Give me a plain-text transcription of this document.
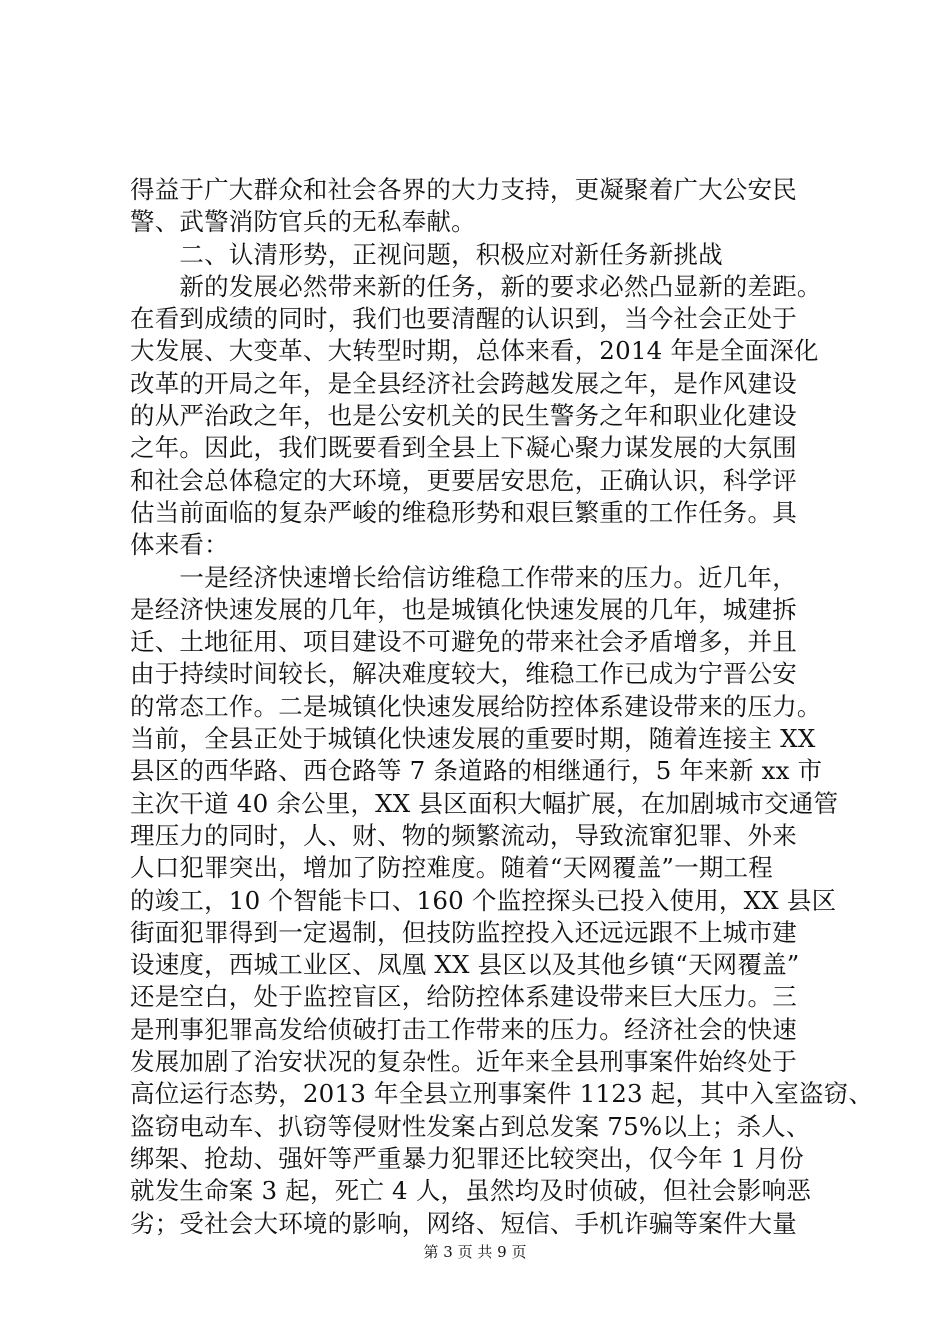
得益于广大群众和社会各界的大力支持，更凝聚着广大公安民
警、武警消防官兵的无私奉献。
　　二、认清形势，正视问题，积极应对新任务新挑战
　　新的发展必然带来新的任务，新的要求必然凸显新的差距。
在看到成绩的同时，我们也要清醒的认识到，当今社会正处于
大发展、大变革、大转型时期，总体来看，2014 年是全面深化
改革的开局之年，是全县经济社会跨越发展之年，是作风建设
的从严治政之年，也是公安机关的民生警务之年和职业化建设
之年。因此，我们既要看到全县上下凝心聚力谋发展的大氛围
和社会总体稳定的大环境，更要居安思危，正确认识，科学评
估当前面临的复杂严峻的维稳形势和艰巨繁重的工作任务。具
体来看：
　　一是经济快速增长给信访维稳工作带来的压力。近几年，
是经济快速发展的几年，也是城镇化快速发展的几年，城建拆
迁、土地征用、项目建设不可避免的带来社会矛盾增多，并且
由于持续时间较长，解决难度较大，维稳工作已成为宁晋公安
的常态工作。二是城镇化快速发展给防控体系建设带来的压力。
当前，全县正处于城镇化快速发展的重要时期，随着连接主 XX
县区的西华路、西仓路等 7 条道路的相继通行，5 年来新 xx 市
主次干道 40 余公里，XX 县区面积大幅扩展，在加剧城市交通管
理压力的同时，人、财、物的频繁流动，导致流窜犯罪、外来
人口犯罪突出，增加了防控难度。随着“天网覆盖”一期工程
的竣工，10 个智能卡口、160 个监控探头已投入使用，XX 县区
街面犯罪得到一定遏制，但技防监控投入还远远跟不上城市建
设速度，西城工业区、凤凰 XX 县区以及其他乡镇“天网覆盖”
还是空白，处于监控盲区，给防控体系建设带来巨大压力。三
是刑事犯罪高发给侦破打击工作带来的压力。经济社会的快速
发展加剧了治安状况的复杂性。近年来全县刑事案件始终处于
高位运行态势，2013 年全县立刑事案件 1123 起，其中入室盗窃、
盗窃电动车、扒窃等侵财性发案占到总发案 75%以上；杀人、
绑架、抢劫、强奸等严重暴力犯罪还比较突出，仅今年 1 月份
就发生命案 3 起，死亡 4 人，虽然均及时侦破，但社会影响恶
劣；受社会大环境的影响，网络、短信、手机诈骗等案件大量
第 3 页 共 9 页
